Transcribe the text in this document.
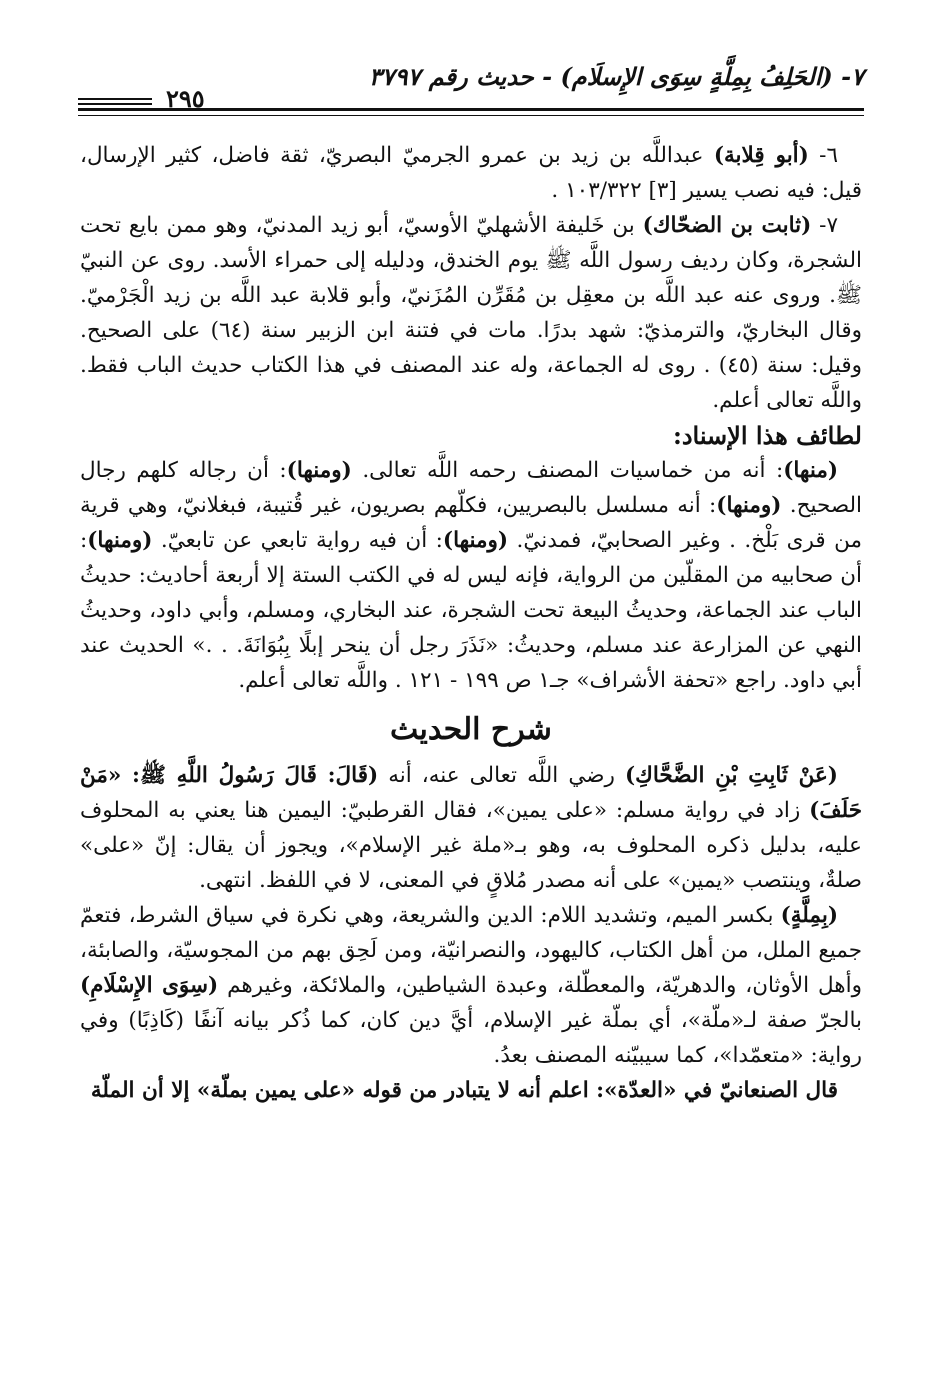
٧- (الحَلِفُ بِمِلَّةٍ سِوَى الإِسلَام) - حديث رقم ٣٧٩٧
٢٩٥

٦- (أبو قِلابة) عبداللَّه بن زيد بن عمرو الجرميّ البصريّ، ثقة فاضل، كثير الإرسال، قيل: فيه نصب يسير [٣] ١٠٣/٣٢٢ .

٧- (ثابت بن الضحّاك) بن خَليفة الأشهليّ الأوسيّ، أبو زيد المدنيّ، وهو ممن بايع تحت الشجرة، وكان رديف رسول اللَّه ﷺ يوم الخندق، ودليله إلى حمراء الأسد. روى عن النبيّ ﷺ. وروى عنه عبد اللَّه بن معقِل بن مُقَرِّن المُزَنيّ، وأبو قلابة عبد اللَّه بن زيد الْجَرْميّ. وقال البخاريّ، والترمذيّ: شهد بدرًا. مات في فتنة ابن الزبير سنة (٦٤) على الصحيح. وقيل: سنة (٤٥) . روى له الجماعة، وله عند المصنف في هذا الكتاب حديث الباب فقط. واللَّه تعالى أعلم.

لطائف هذا الإسناد:

(منها): أنه من خماسيات المصنف رحمه اللَّه تعالى. (ومنها): أن رجاله كلهم رجال الصحيح. (ومنها): أنه مسلسل بالبصريين، فكلّهم بصريون، غير قُتيبة، فبغلانيّ، وهي قرية من قرى بَلْخ. . وغير الصحابيّ، فمدنيّ. (ومنها): أن فيه رواية تابعي عن تابعيّ. (ومنها): أن صحابيه من المقلّين من الرواية، فإنه ليس له في الكتب الستة إلا أربعة أحاديث: حديثُ الباب عند الجماعة، وحديثُ البيعة تحت الشجرة، عند البخاري، ومسلم، وأبي داود، وحديثُ النهي عن المزارعة عند مسلم، وحديثُ: «نَذَرَ رجل أن ينحر إبلًا بِبُوَانَةَ. . .» الحديث عند أبي داود. راجع «تحفة الأشراف» جـ١ ص ١٩٩ - ١٢١ . واللَّه تعالى أعلم.

شرح الحديث

(عَنْ ثَابِتِ بْنِ الضَّحَّاكِ) رضي اللَّه تعالى عنه، أنه (قَالَ: قَالَ رَسُولُ اللَّهِ ﷺ: «مَنْ حَلَفَ) زاد في رواية مسلم: «على يمين»، فقال القرطبيّ: اليمين هنا يعني به المحلوف عليه، بدليل ذكره المحلوف به، وهو بـ«ملة غير الإسلام»، ويجوز أن يقال: إنّ «على» صلةٌ، وينتصب «يمين» على أنه مصدر مُلاقٍ في المعنى، لا في اللفظ. انتهى.

(بِمِلَّةٍ) بكسر الميم، وتشديد اللام: الدين والشريعة، وهي نكرة في سياق الشرط، فتعمّ جميع الملل، من أهل الكتاب، كاليهود، والنصرانيّة، ومن لَحِق بهم من المجوسيّة، والصابئة، وأهل الأوثان، والدهريّة، والمعطّلة، وعبدة الشياطين، والملائكة، وغيرهم (سِوَى الإِسْلَامِ) بالجرّ صفة لـ«ملّة»، أي بملّة غير الإسلام، أيَّ دين كان، كما ذُكر بيانه آنفًا (كَاذِبًا) وفي رواية: «متعمّدا»، كما سيبيّنه المصنف بعدُ.

قال الصنعانيّ في «العدّة»: اعلم أنه لا يتبادر من قوله «على يمين بملّة» إلا أن الملّة
